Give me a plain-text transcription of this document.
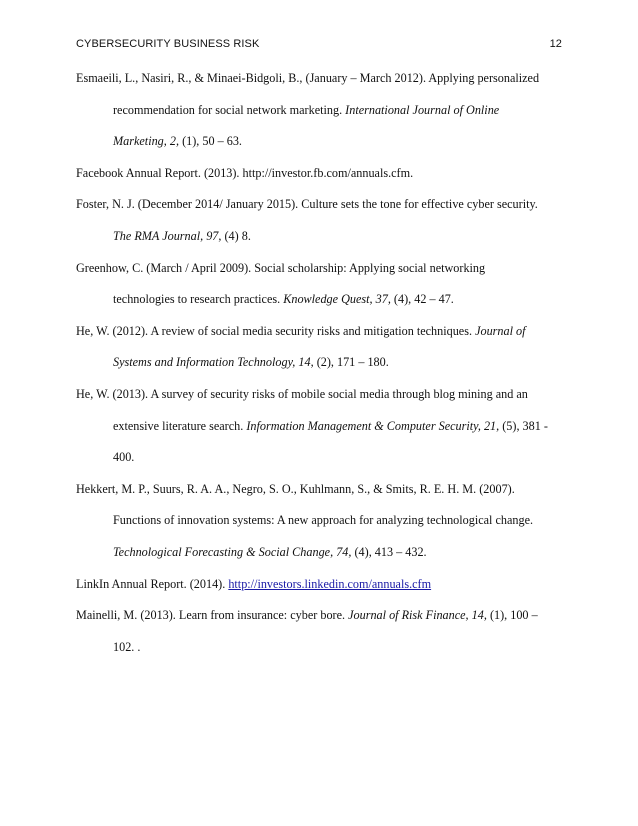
CYBERSECURITY BUSINESS RISK	12
Esmaeili, L., Nasiri, R., & Minaei-Bidgoli, B., (January – March 2012). Applying personalized
recommendation for social network marketing. International Journal of Online
Marketing, 2, (1), 50 – 63.
Facebook Annual Report. (2013). http://investor.fb.com/annuals.cfm.
Foster, N. J. (December 2014/ January 2015). Culture sets the tone for effective cyber security.
The RMA Journal, 97, (4) 8.
Greenhow, C. (March / April 2009). Social scholarship: Applying social networking
technologies to research practices. Knowledge Quest, 37, (4), 42 – 47.
He, W. (2012). A review of social media security risks and mitigation techniques. Journal of
Systems and Information Technology, 14, (2), 171 – 180.
He, W. (2013). A survey of security risks of mobile social media through blog mining and an
extensive literature search. Information Management & Computer Security, 21, (5), 381 -
400.
Hekkert, M. P., Suurs, R. A. A., Negro, S. O., Kuhlmann, S., & Smits, R. E. H. M. (2007).
Functions of innovation systems: A new approach for analyzing technological change.
Technological Forecasting & Social Change, 74, (4), 413 – 432.
LinkIn Annual Report. (2014). http://investors.linkedin.com/annuals.cfm
Mainelli, M. (2013). Learn from insurance: cyber bore. Journal of Risk Finance, 14, (1), 100 –
102. .
